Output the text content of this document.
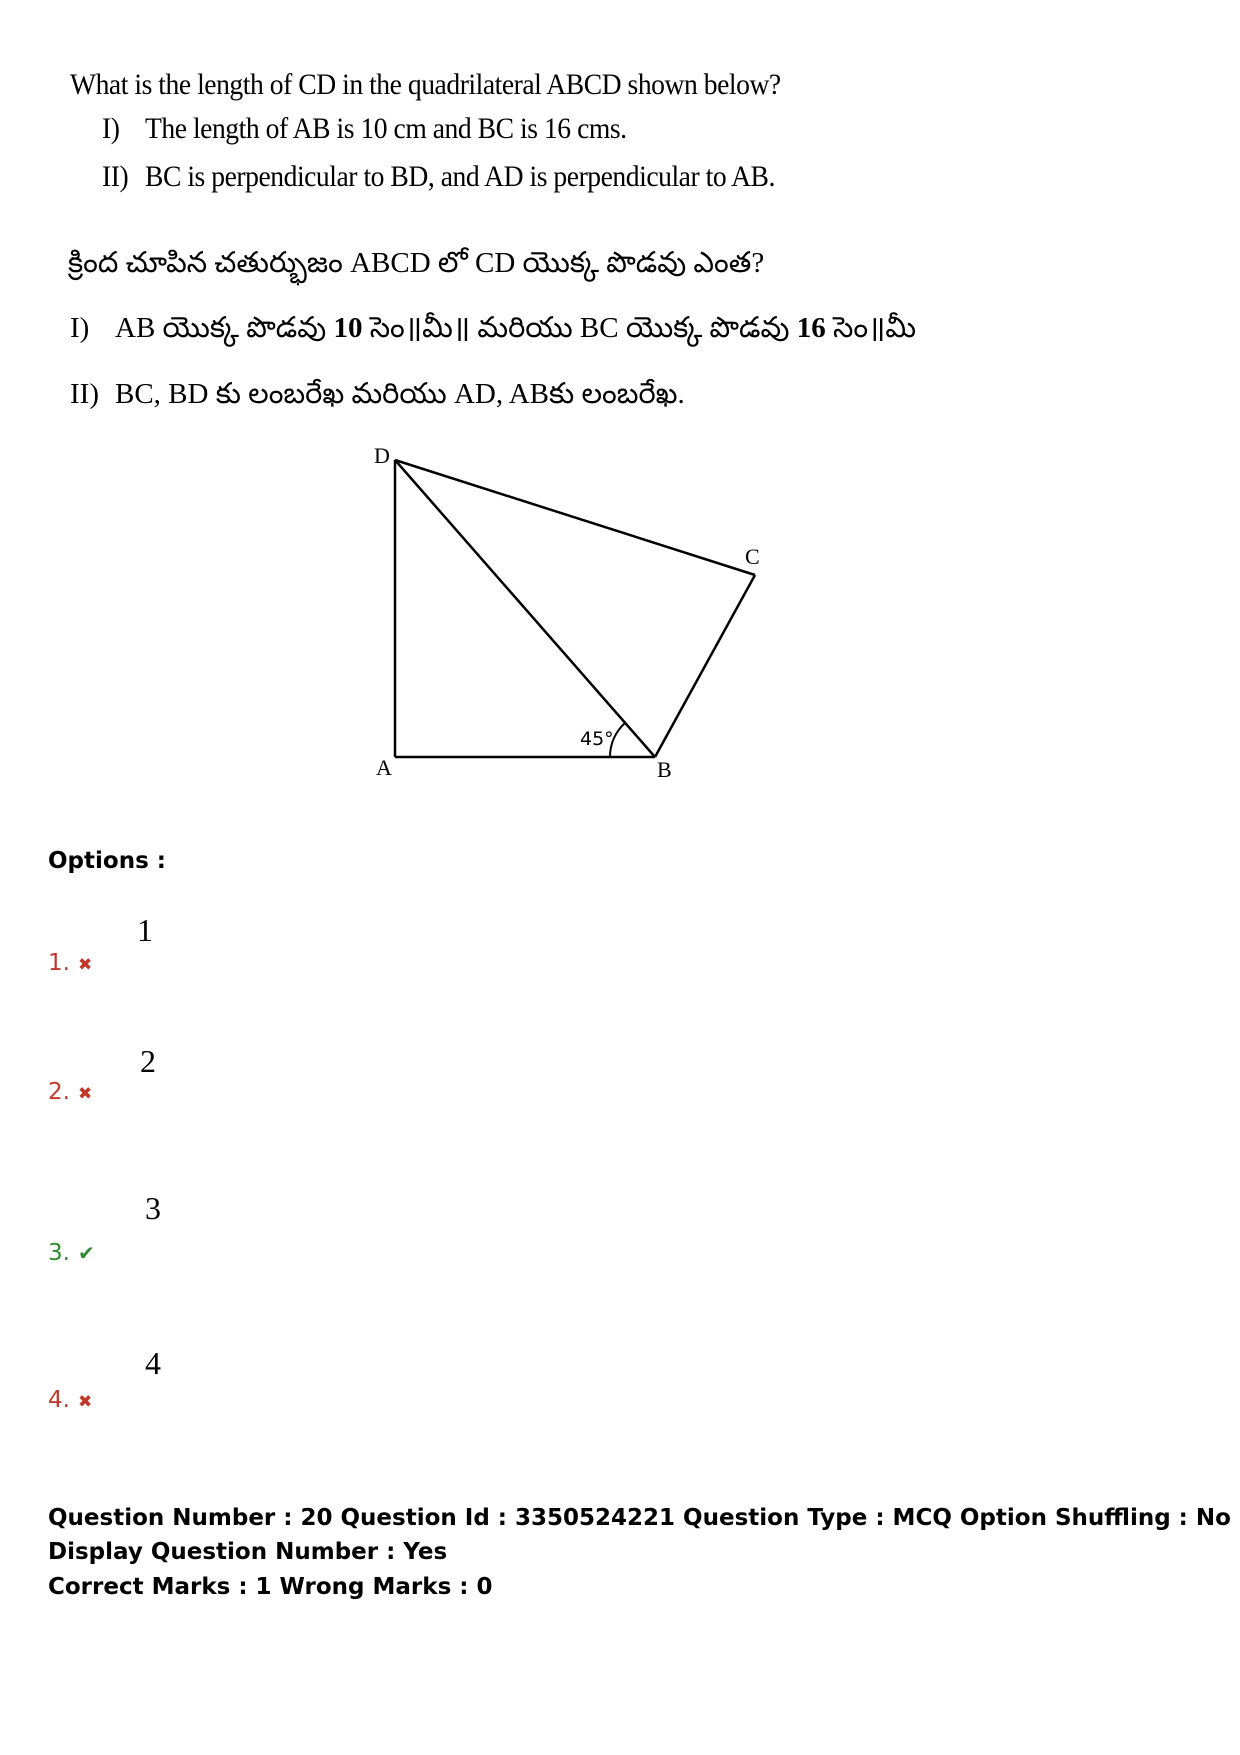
What is the length of CD in the quadrilateral ABCD shown below?
I) The length of AB is 10 cm and BC is 16 cms.
II) BC is perpendicular to BD, and AD is perpendicular to AB.
క్రింద చూపిన చతుర్భుజం ABCD లో CD యొక్క పొడవు ఎంత?
I) AB యొక్క పొడవు 10 సెం॥మీ॥ మరియు BC యొక్క పొడవు 16 సెం॥మీ
II) BC, BD కు లంబరేఖ మరియు AD, ABకు లంబరేఖ.
D
C
A	B
45°
Options :
1
1. ✖
2
2. ✖
3
3. ✔
4
4. ✖
Question Number : 20 Question Id : 3350524221 Question Type : MCQ Option Shuffling : No
Display Question Number : Yes
Correct Marks : 1 Wrong Marks : 0
